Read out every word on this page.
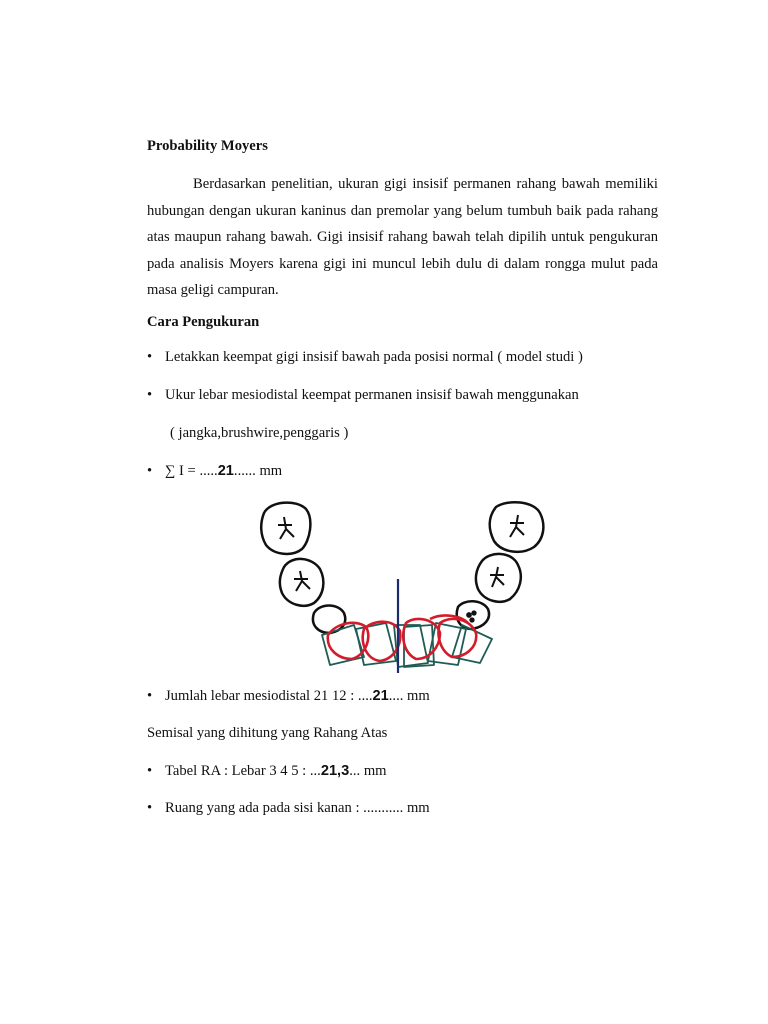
Probability Moyers

Berdasarkan penelitian, ukuran gigi insisif permanen rahang bawah memiliki hubungan dengan ukuran kaninus dan premolar yang belum tumbuh baik pada rahang atas maupun rahang bawah. Gigi insisif rahang bawah telah dipilih untuk pengukuran pada analisis Moyers karena gigi ini muncul lebih dulu di dalam rongga mulut pada masa geligi campuran.

Cara Pengukuran

• Letakkan keempat gigi insisif bawah pada posisi normal ( model studi )
• Ukur lebar mesiodistal keempat permanen insisif bawah menggunakan
( jangka,brushwire,penggaris )
• ∑ I = .....21...... mm
• Jumlah lebar mesiodistal 21 12 : ....21.... mm
Semisal yang dihitung yang Rahang Atas
• Tabel RA : Lebar 3 4 5 : ...21,3... mm
• Ruang yang ada pada sisi kanan : ........... mm
